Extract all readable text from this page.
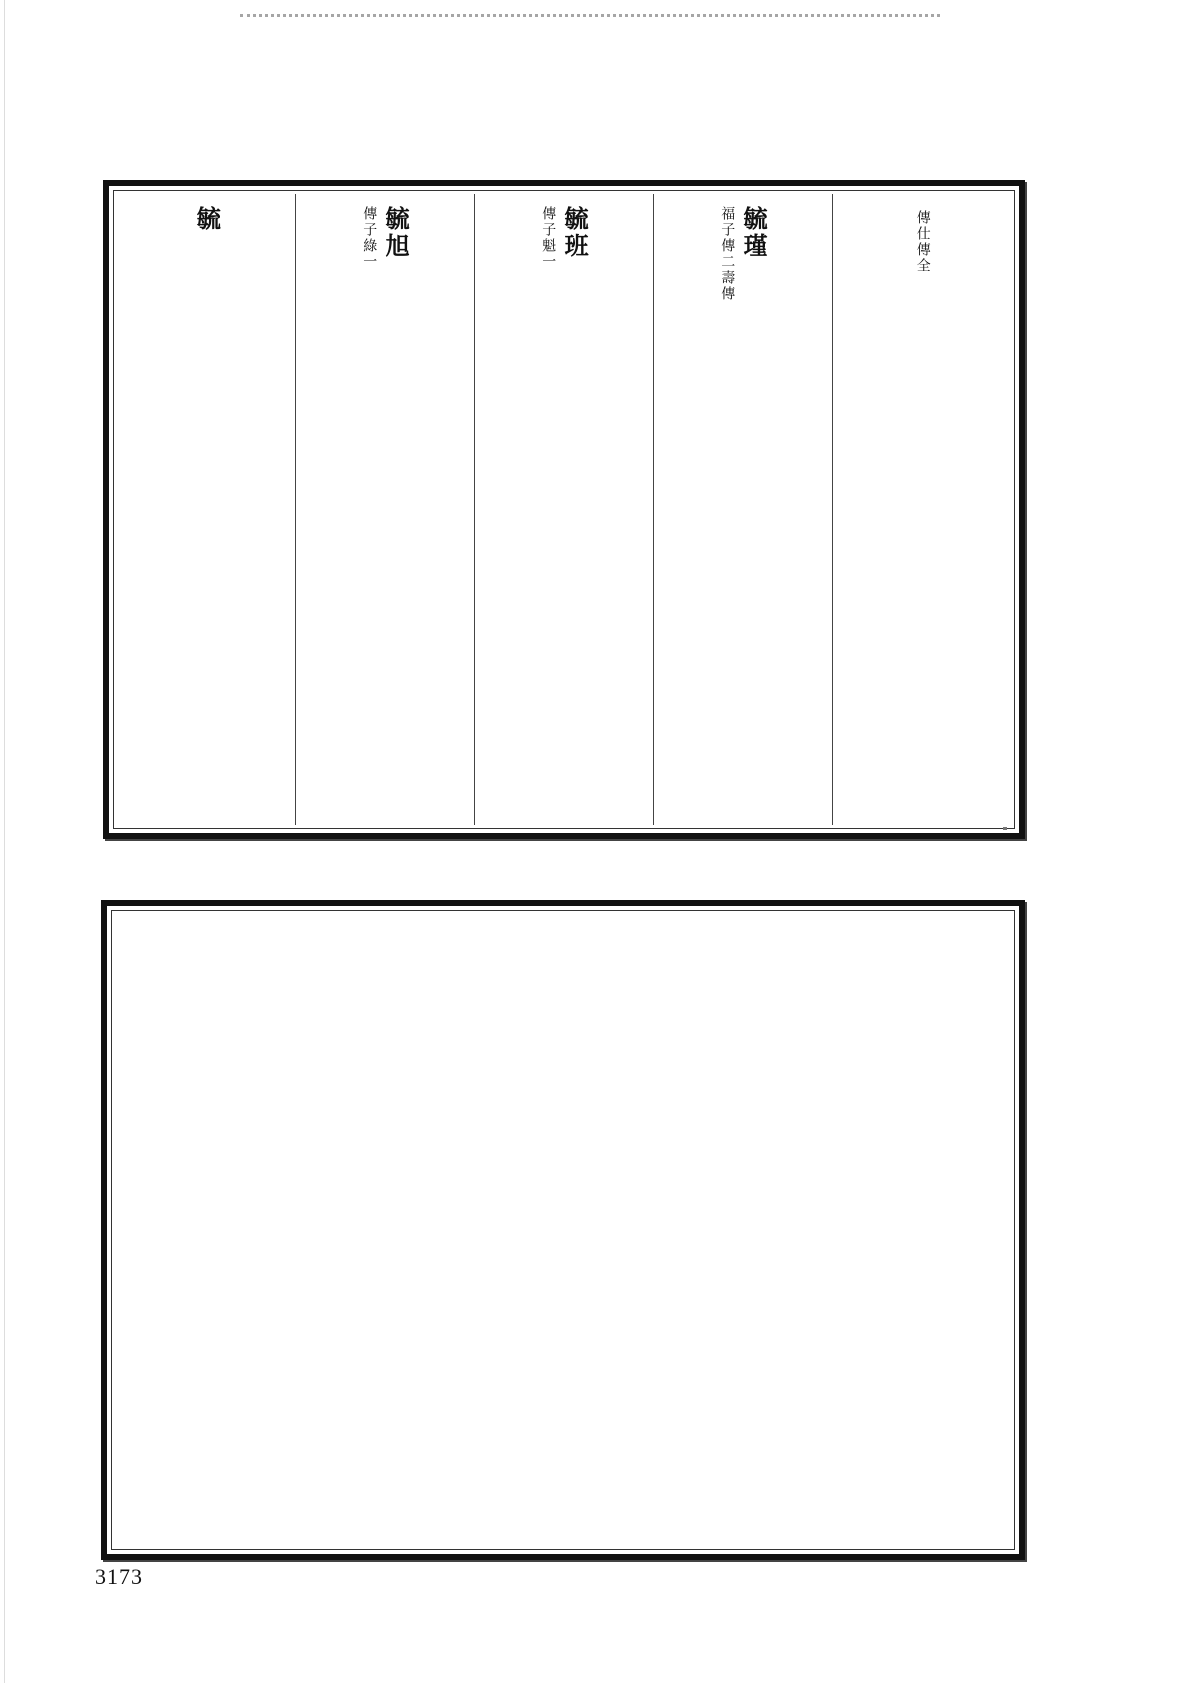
傳仕傳全
毓瑾
福子傳二壽傳
毓班
傳子魁一
毓旭
傳子綠一
毓
3173
